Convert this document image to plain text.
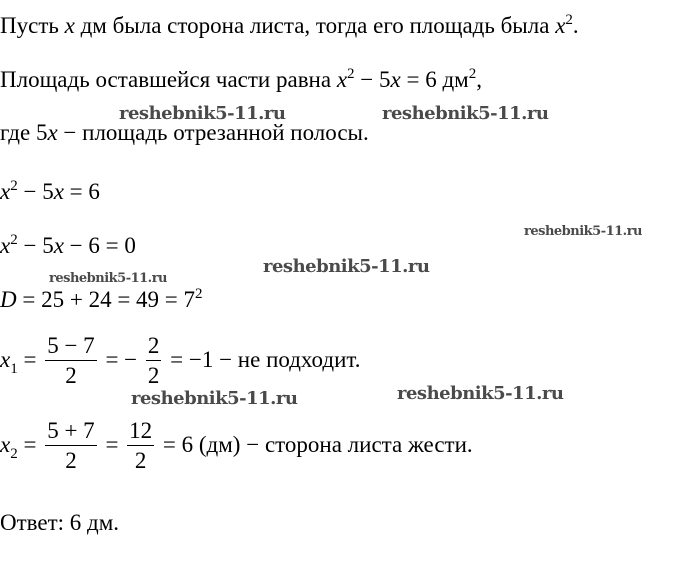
Пусть x дм была сторона листа, тогда его площадь была $x^2$.
Площадь оставшейся части равна $x^2 - 5x = 6$ $дм^2$,
где 5x − площадь отрезанной полосы.
$x^2 - 5x = 6$
$x^2 - 5x - 6 = 0$
$D = 25 + 24 = 49 = 7^2$
$x_1 = \frac{5 - 7}{2}$ = − $\frac{2}{2} = -1$ − не подходит.
$x_2 = \frac{5 + 7}{2} = \frac{12}{2} = 6$ (дм) − сторона листа жести.
Ответ: 6 дм.
reshebnik5-11.ru	reshebnik5-11.ru
reshebnik5-11.ru
reshebnik5-11.ru
reshebnik5-11.ru
reshebnik5-11.ru	reshebnik5-11.ru
